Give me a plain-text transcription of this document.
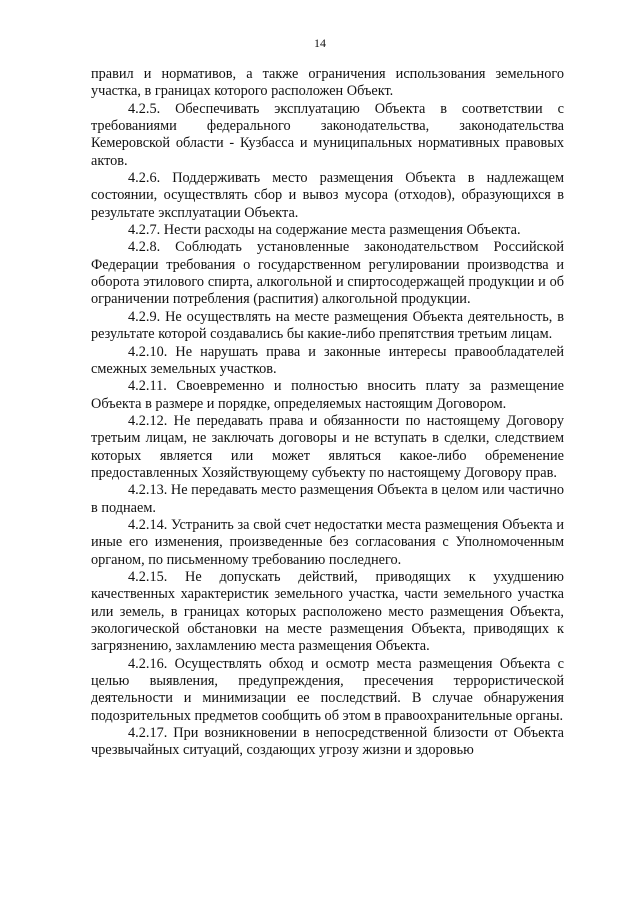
14

правил и нормативов, а также ограничения использования земельного участка, в границах которого расположен Объект.

4.2.5. Обеспечивать эксплуатацию Объекта в соответствии с требованиями федерального законодательства, законодательства Кемеровской области - Кузбасса и муниципальных нормативных правовых актов.

4.2.6. Поддерживать место размещения Объекта в надлежащем состоянии, осуществлять сбор и вывоз мусора (отходов), образующихся в результате эксплуатации Объекта.

4.2.7. Нести расходы на содержание места размещения Объекта.

4.2.8. Соблюдать установленные законодательством Российской Федерации требования о государственном регулировании производства и оборота этилового спирта, алкогольной и спиртосодержащей продукции и об ограничении потребления (распития) алкогольной продукции.

4.2.9. Не осуществлять на месте размещения Объекта деятельность, в результате которой создавались бы какие-либо препятствия третьим лицам.

4.2.10. Не нарушать права и законные интересы правообладателей смежных земельных участков.

4.2.11. Своевременно и полностью вносить плату за размещение Объекта в размере и порядке, определяемых настоящим Договором.

4.2.12. Не передавать права и обязанности по настоящему Договору третьим лицам, не заключать договоры и не вступать в сделки, следствием которых является или может являться какое-либо обременение предоставленных Хозяйствующему субъекту по настоящему Договору прав.

4.2.13. Не передавать место размещения Объекта в целом или частично в поднаем.

4.2.14. Устранить за свой счет недостатки места размещения Объекта и иные его изменения, произведенные без согласования с Уполномоченным органом, по письменному требованию последнего.

4.2.15. Не допускать действий, приводящих к ухудшению качественных характеристик земельного участка, части земельного участка или земель, в границах которых расположено место размещения Объекта, экологической обстановки на месте размещения Объекта, приводящих к загрязнению, захламлению места размещения Объекта.

4.2.16. Осуществлять обход и осмотр места размещения Объекта с целью выявления, предупреждения, пресечения террористической деятельности и минимизации ее последствий. В случае обнаружения подозрительных предметов сообщить об этом в правоохранительные органы.

4.2.17. При возникновении в непосредственной близости от Объекта чрезвычайных ситуаций, создающих угрозу жизни и здоровью
